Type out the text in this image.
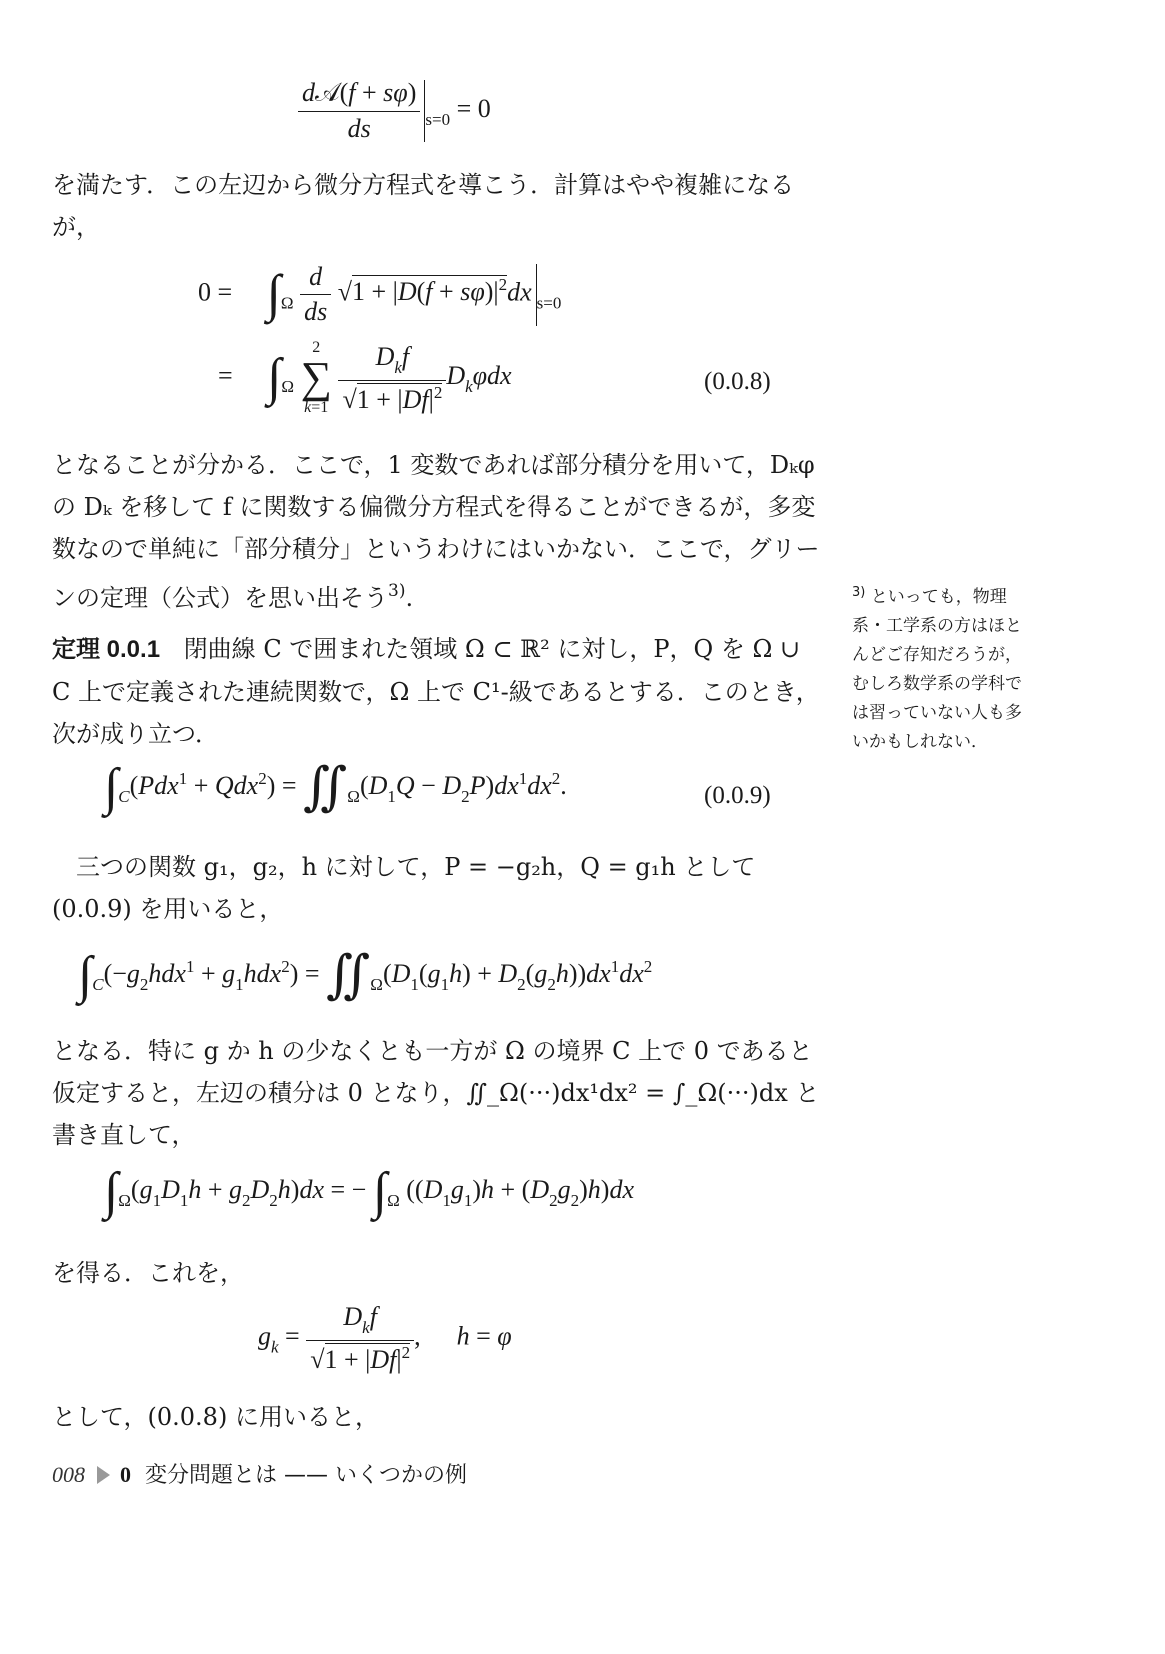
$\frac{\text{d𝒜(f + sφ)}}{ds} _{s=0} = 0$
を満たす．この左辺から微分方程式を導こう．計算はやや複雑になるが，
$0 = \int_\Omega \frac{d}{ds} √1 + |D(f + s\varphi)|^2dx$ $_{s=0}$
= $\int_\Omega$
2
∑
k=1
$\frac{D_kf}{√1 + |Df|^2} D_k\varphi dx$	(0.0.8)
となることが分かる．ここで，1 変数であれば部分積分を用いて，Dₖφ の Dₖ を移して f に関数する偏微分方程式を得ることができるが，多変数なので単純に「部分積分」というわけにはいかない．ここで，グリーンの定理（公式）を思い出そう$^{3)}$.
定理 0.0.1 閉曲線 C で囲まれた領域 Ω ⊂ ℝ² に対し，P，Q を Ω ∪ C 上で定義された連続関数で，Ω 上で C¹-級であるとする．このとき，次が成り立つ．
$\int_C(Pdx^1 + Qdx^2)$ = $∬_\Omega(D_1Q - D_2P)dx^1dx^2$.	(0.0.9)
三つの関数 g₁，g₂，h に対して，P = −g₂h，Q = g₁h として (0.0.9) を用いると，
$\int_C(-g_2hdx^1 + g_1hdx^2)$ = $∬_\Omega(D_1(g_1h) + D_2(g_2h))dx^1dx^2$
となる．特に g か h の少なくとも一方が Ω の境界 C 上で 0 であると仮定すると，左辺の積分は 0 となり，∬_Ω(···)dx¹dx² = ∫_Ω(···)dx と書き直して，
$\int_\Omega(g_1D_1h + g_2D_2h)dx$ = − $\int_\Omega$ $((D_1g_1)h + (D_2g_2)h)dx$
を得る．これを，
$g_k = \frac{D_kf}{√1 + |Df|^2}$ , h = φ
として，(0.0.8) に用いると，
$^{3)}$ といっても，物理系・工学系の方はほとんどご存知だろうが，むしろ数学系の学科では習っていない人も多いかもしれない．
008 0 変分問題とは —— いくつかの例
